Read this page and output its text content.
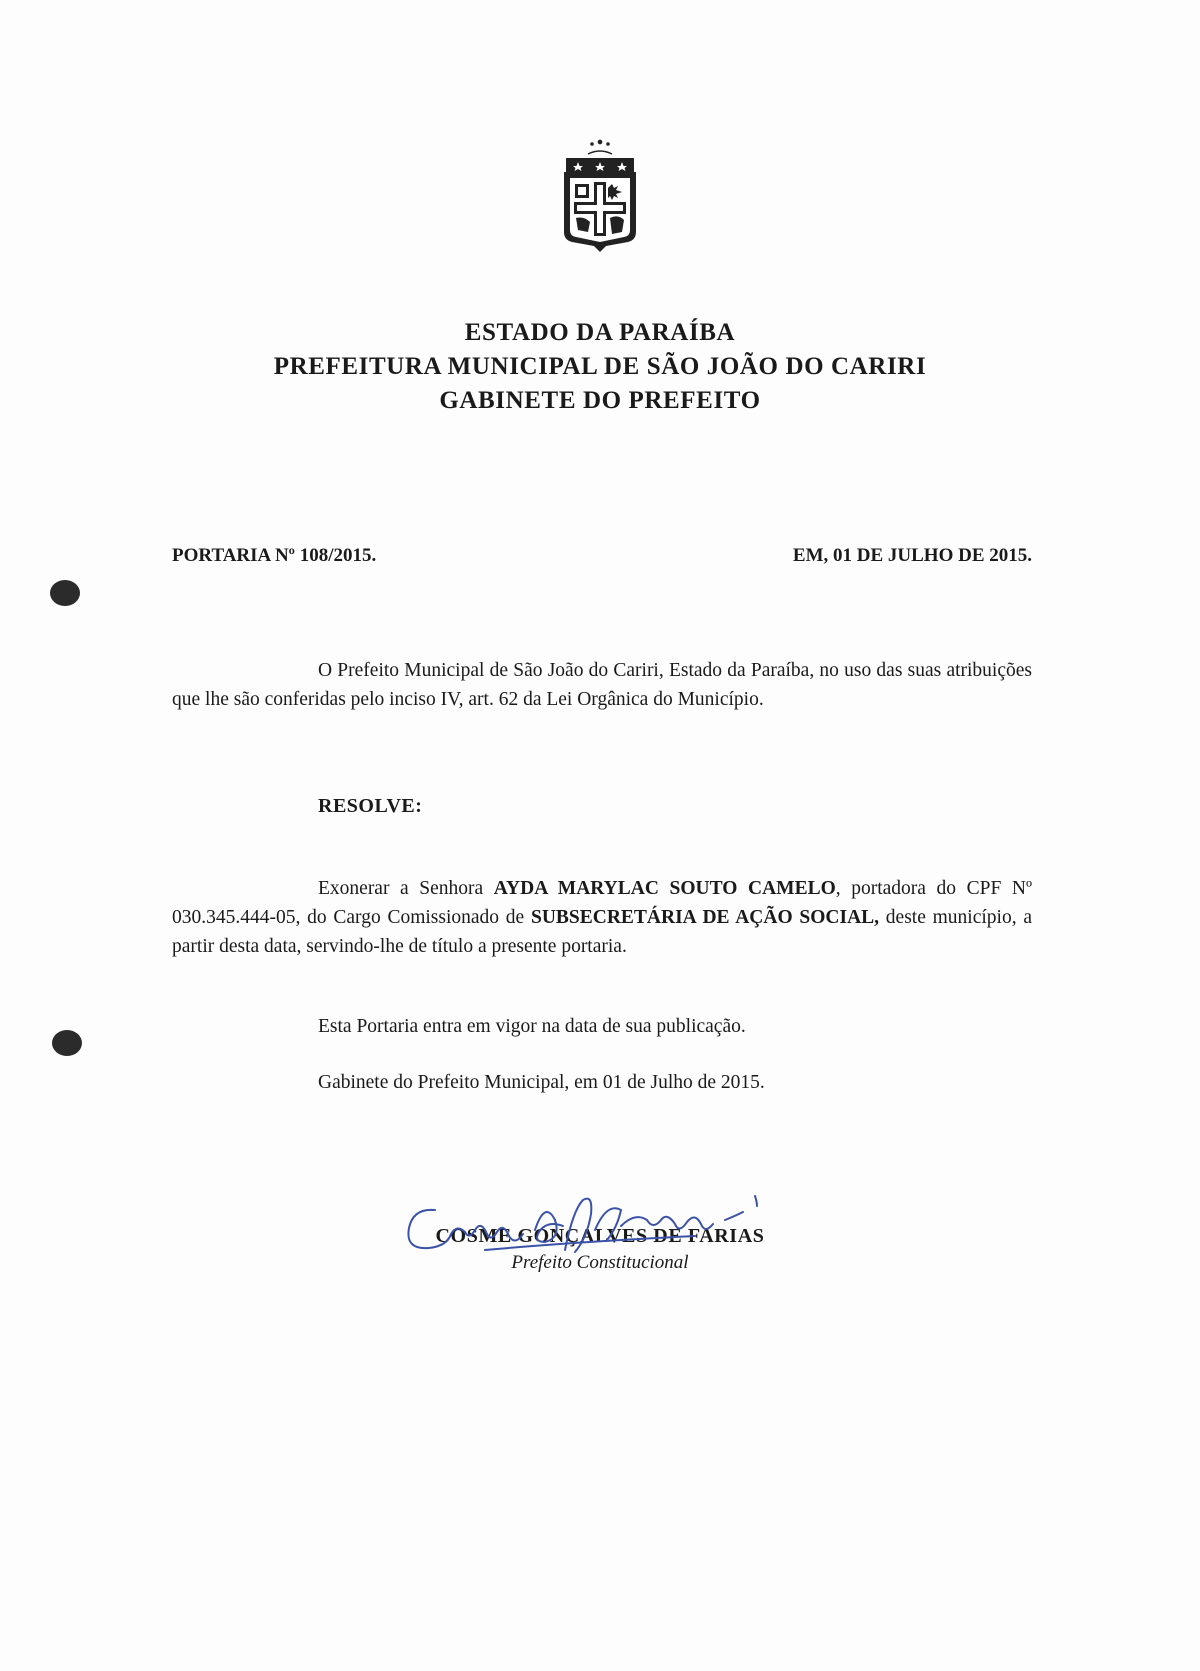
ESTADO DA PARAÍBA
PREFEITURA MUNICIPAL DE SÃO JOÃO DO CARIRI
GABINETE DO PREFEITO
PORTARIA Nº 108/2015.	EM, 01 DE JULHO DE 2015.
O Prefeito Municipal de São João do Cariri, Estado da Paraíba, no uso das suas atribuições que lhe são conferidas pelo inciso IV, art. 62 da Lei Orgânica do Município.
RESOLVE:
Exonerar a Senhora AYDA MARYLAC SOUTO CAMELO, portadora do CPF Nº 030.345.444-05, do Cargo Comissionado de SUBSECRETÁRIA DE AÇÃO SOCIAL, deste município, a partir desta data, servindo-lhe de título a presente portaria.
Esta Portaria entra em vigor na data de sua publicação.
Gabinete do Prefeito Municipal, em 01 de Julho de 2015.
COSME GONÇALVES DE FARIAS
Prefeito Constitucional
